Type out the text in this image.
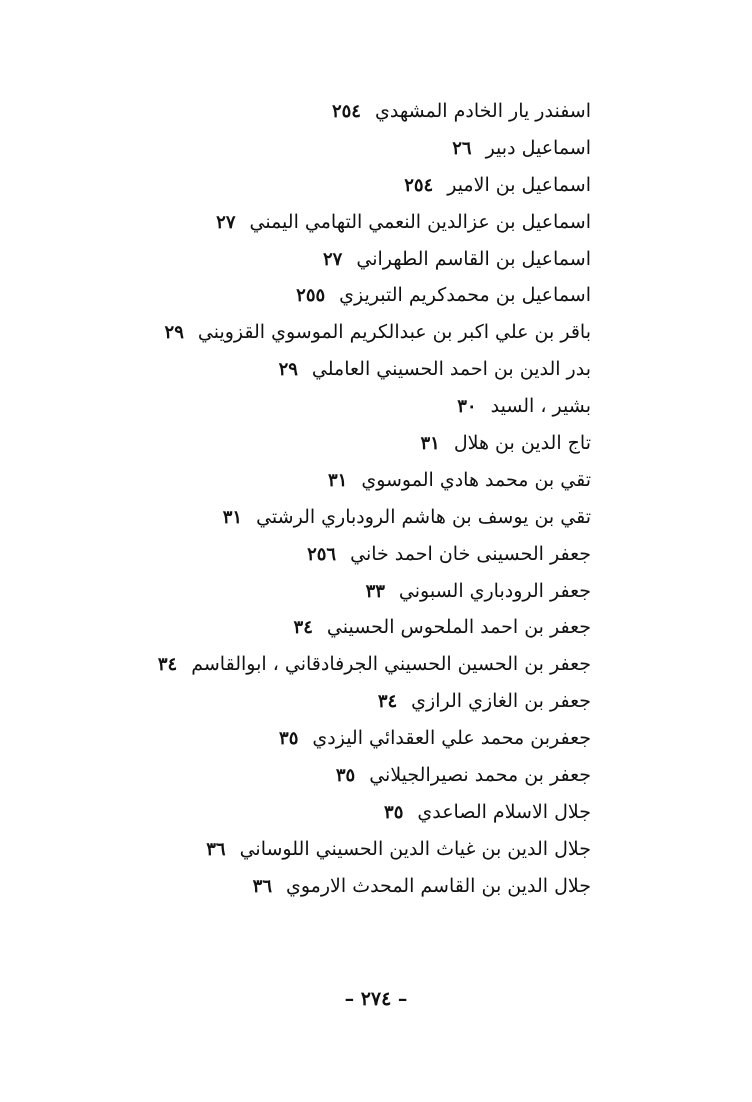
اسفندر يار الخادم المشهدي٢٥٤
اسماعيل دبير٢٦
اسماعيل بن الامير٢٥٤
اسماعيل بن عزالدين النعمي التهامي اليمني٢٧
اسماعيل بن القاسم الطهراني٢٧
اسماعيل بن محمدكريم التبريزي٢٥٥
باقر بن علي اكبر بن عبدالكريم الموسوي القزويني٢٩
بدر الدين بن احمد الحسيني العاملي٢٩
بشير ، السيد٣٠
تاج الدين بن هلال٣١
تقي بن محمد هادي الموسوي٣١
تقي بن يوسف بن هاشم الرودباري الرشتي٣١
جعفر الحسينى خان احمد خاني٢٥٦
جعفر الرودباري السبوني٣٣
جعفر بن احمد الملحوس الحسيني٣٤
جعفر بن الحسين الحسيني الجرفادقاني ، ابوالقاسم٣٤
جعفر بن الغازي الرازي٣٤
جعفربن محمد علي العقدائي اليزدي٣٥
جعفر بن محمد نصيرالجيلاني٣٥
جلال الاسلام الصاعدي٣٥
جلال الدين بن غياث الدين الحسيني اللوساني٣٦
جلال الدين بن القاسم المحدث الارموي٣٦
– ٢٧٤ –
